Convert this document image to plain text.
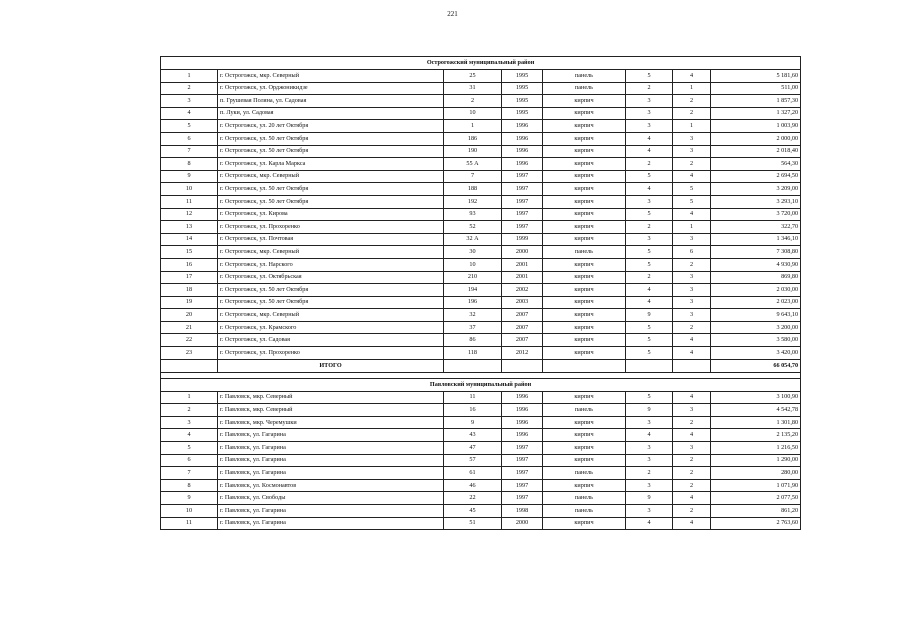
221
Острогожский муниципальный район							
1	г. Острогожск, мкр. Северный	25	1995	панель	5	4	5 181,60
2	г. Острогожск, ул. Орджоникидзе	31	1995	панель	2	1	511,00
3	п. Грушевая Поляна, ул. Садовая	2	1995	кирпич	3	2	1 857,30
4	п. Луки, ул. Садовая	10	1995	кирпич	3	2	1 327,20
5	г. Острогожск, ул. 20 лет Октября	1	1996	кирпич	3	1	1 003,90
6	г. Острогожск, ул. 50 лет Октября	186	1996	кирпич	4	3	2 000,00
7	г. Острогожск, ул. 50 лет Октября	190	1996	кирпич	4	3	2 018,40
8	г. Острогожск, ул. Карла Маркса	55 А	1996	кирпич	2	2	564,30
9	г. Острогожск, мкр. Северный	7	1997	кирпич	5	4	2 694,50
10	г. Острогожск, ул. 50 лет Октября	188	1997	кирпич	4	5	3 209,00
11	г. Острогожск, ул. 50 лет Октября	192	1997	кирпич	3	5	3 293,10
12	г. Острогожск, ул. Кирова	93	1997	кирпич	5	4	3 720,00
13	г. Острогожск, ул. Прохоренко	52	1997	кирпич	2	1	322,70
14	г. Острогожск, ул. Почтовая	32 А	1999	кирпич	3	3	1 346,10
15	г. Острогожск, мкр. Северный	30	2000	панель	5	6	7 308,80
16	г. Острогожск, ул. Нарского	10	2001	кирпич	5	2	4 930,90
17	г. Острогожск, ул. Октябрьская	210	2001	кирпич	2	3	869,80
18	г. Острогожск, ул. 50 лет Октября	194	2002	кирпич	4	3	2 030,00
19	г. Острогожск, ул. 50 лет Октября	196	2003	кирпич	4	3	2 023,00
20	г. Острогожск, мкр. Северный	32	2007	кирпич	9	3	9 643,10
21	г. Острогожск, ул. Крамского	37	2007	кирпич	5	2	3 200,00
22	г. Острогожск, ул. Садовая	86	2007	кирпич	5	4	3 580,00
23	г. Острогожск, ул. Прохоренко	118	2012	кирпич	5	4	3 420,00
	ИТОГО						66 054,70

Павловский муниципальный район							
1	г. Павловск, мкр. Северный	11	1996	кирпич	5	4	3 100,90
2	г. Павловск, мкр. Северный	16	1996	панель	9	3	4 542,78
3	г. Павловск, мкр. Черемушки	9	1996	кирпич	3	2	1 301,80
4	г. Павловск, ул. Гагарина	43	1996	кирпич	4	4	2 135,20
5	г. Павловск, ул. Гагарина	47	1997	кирпич	3	3	1 216,50
6	г. Павловск, ул. Гагарина	57	1997	кирпич	3	2	1 290,00
7	г. Павловск, ул. Гагарина	61	1997	панель	2	2	280,00
8	г. Павловск, ул. Космонавтов	46	1997	кирпич	3	2	1 071,90
9	г. Павловск, ул. Свободы	22	1997	панель	9	4	2 077,50
10	г. Павловск, ул. Гагарина	45	1998	панель	3	2	861,20
11	г. Павловск, ул. Гагарина	51	2000	кирпич	4	4	2 763,60
